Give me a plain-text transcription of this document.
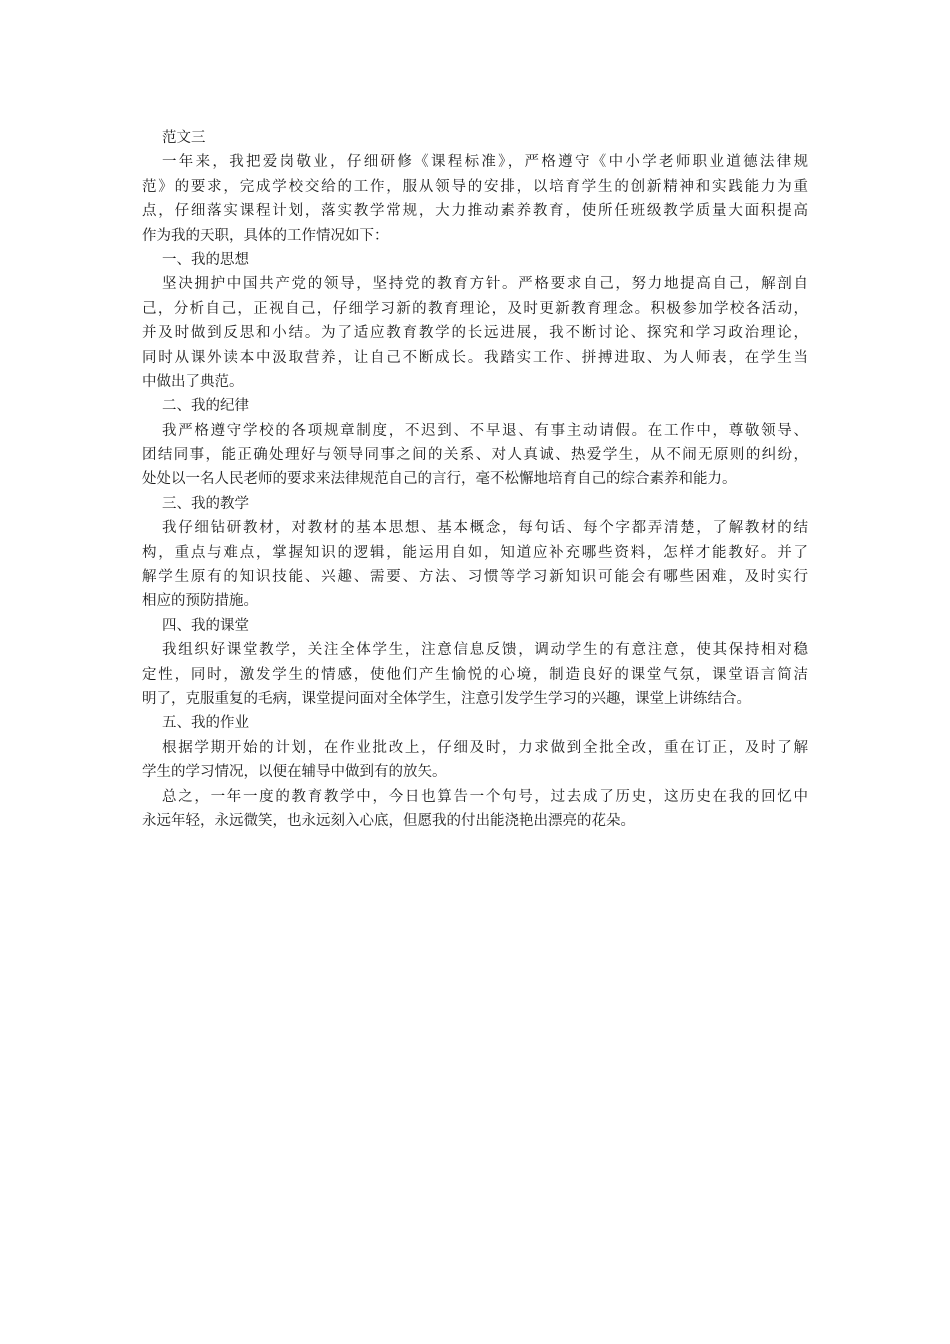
范文三
一年来，我把爱岗敬业，仔细研修《课程标准》，严格遵守《中小学老师职业道德法律规
范》的要求，完成学校交给的工作，服从领导的安排，以培育学生的创新精神和实践能力为重
点，仔细落实课程计划，落实教学常规，大力推动素养教育，使所任班级教学质量大面积提高
作为我的天职，具体的工作情况如下：
一、我的思想
坚决拥护中国共产党的领导，坚持党的教育方针。严格要求自己，努力地提高自己，解剖自
己，分析自己，正视自己，仔细学习新的教育理论，及时更新教育理念。积极参加学校各活动，
并及时做到反思和小结。为了适应教育教学的长远进展，我不断讨论、探究和学习政治理论，
同时从课外读本中汲取营养，让自己不断成长。我踏实工作、拼搏进取、为人师表，在学生当
中做出了典范。
二、我的纪律
我严格遵守学校的各项规章制度，不迟到、不早退、有事主动请假。在工作中，尊敬领导、
团结同事，能正确处理好与领导同事之间的关系、对人真诚、热爱学生，从不闹无原则的纠纷，
处处以一名人民老师的要求来法律规范自己的言行，毫不松懈地培育自己的综合素养和能力。
三、我的教学
我仔细钻研教材，对教材的基本思想、基本概念，每句话、每个字都弄清楚，了解教材的结
构，重点与难点，掌握知识的逻辑，能运用自如，知道应补充哪些资料，怎样才能教好。并了
解学生原有的知识技能、兴趣、需要、方法、习惯等学习新知识可能会有哪些困难，及时实行
相应的预防措施。
四、我的课堂
我组织好课堂教学，关注全体学生，注意信息反馈，调动学生的有意注意，使其保持相对稳
定性，同时，激发学生的情感，使他们产生愉悦的心境，制造良好的课堂气氛，课堂语言简洁
明了，克服重复的毛病，课堂提问面对全体学生，注意引发学生学习的兴趣，课堂上讲练结合。
五、我的作业
根据学期开始的计划，在作业批改上，仔细及时，力求做到全批全改，重在订正，及时了解
学生的学习情况，以便在辅导中做到有的放矢。
总之，一年一度的教育教学中，今日也算告一个句号，过去成了历史，这历史在我的回忆中
永远年轻，永远微笑，也永远刻入心底，但愿我的付出能浇艳出漂亮的花朵。
